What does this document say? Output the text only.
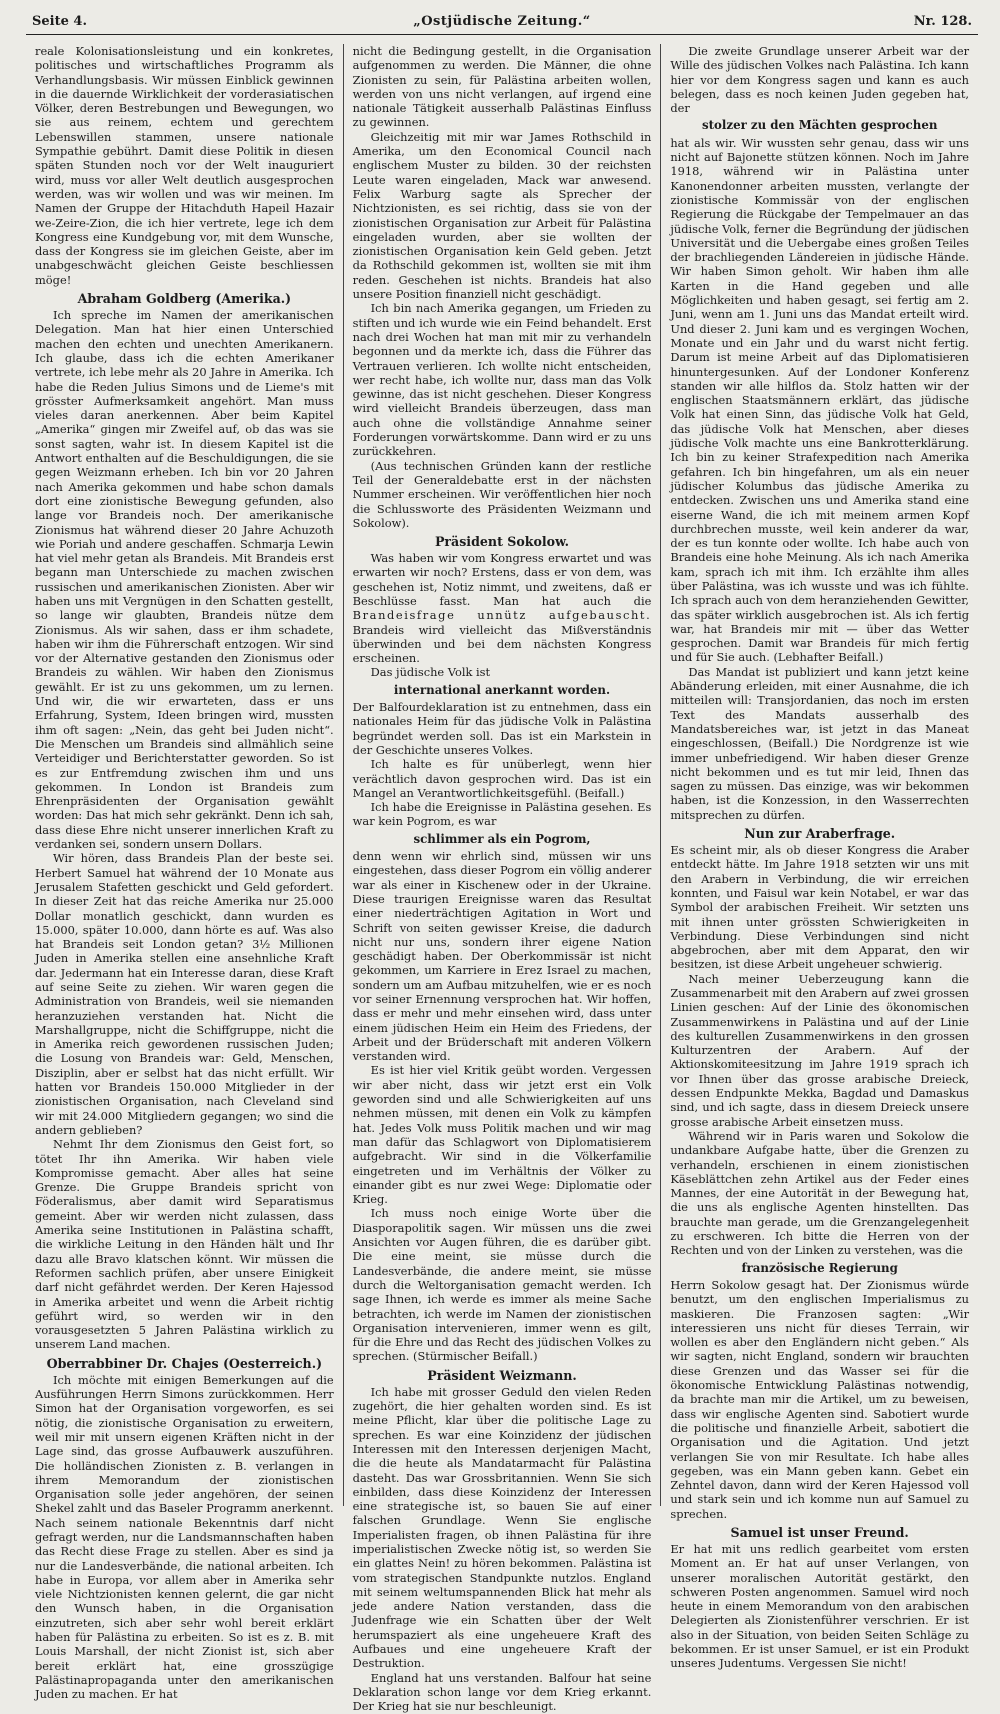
Seite 4.	„Ostjüdische Zeitung.“	Nr. 128.

reale Kolonisationsleistung und ein konkretes, politisches und wirtschaftliches Programm als Verhandlungsbasis. Wir müssen Einblick gewinnen in die dauernde Wirklichkeit der vorderasiatischen Völker, deren Bestrebungen und Bewegungen, wo sie aus reinem, echtem und gerechtem Lebenswillen stammen, unsere nationale Sympathie gebührt. Damit diese Politik in diesen späten Stunden noch vor der Welt inauguriert wird, muss vor aller Welt deutlich ausgesprochen werden, was wir wollen und was wir meinen. Im Namen der Gruppe der Hitachduth Hapeil Hazair we-Zeire-Zion, die ich hier vertrete, lege ich dem Kongress eine Kundgebung vor, mit dem Wunsche, dass der Kongress sie im gleichen Geiste, aber im unabgeschwächt gleichen Geiste beschliessen möge!

Abraham Goldberg (Amerika.)

Ich spreche im Namen der amerikanischen Delegation. Man hat hier einen Unterschied machen den echten und unechten Amerikanern. Ich glaube, dass ich die echten Amerikaner vertrete, ich lebe mehr als 20 Jahre in Amerika. Ich habe die Reden Julius Simons und de Lieme's mit grösster Aufmerksamkeit angehört. Man muss vieles daran anerkennen. Aber beim Kapitel „Amerika“ gingen mir Zweifel auf, ob das was sie sonst sagten, wahr ist. In diesem Kapitel ist die Antwort enthalten auf die Beschuldigungen, die sie gegen Weizmann erheben. Ich bin vor 20 Jahren nach Amerika gekommen und habe schon damals dort eine zionistische Bewegung gefunden, also lange vor Brandeis noch. Der amerikanische Zionismus hat während dieser 20 Jahre Achuzoth wie Poriah und andere geschaffen. Schmarja Lewin hat viel mehr getan als Brandeis. Mit Brandeis erst begann man Unterschiede zu machen zwischen russischen und amerikanischen Zionisten. Aber wir haben uns mit Vergnügen in den Schatten gestellt, so lange wir glaubten, Brandeis nütze dem Zionismus. Als wir sahen, dass er ihm schadete, haben wir ihm die Führerschaft entzogen. Wir sind vor der Alternative gestanden den Zionismus oder Brandeis zu wählen. Wir haben den Zionismus gewählt. Er ist zu uns gekommen, um zu lernen. Und wir, die wir erwarteten, dass er uns Erfahrung, System, Ideen bringen wird, mussten ihm oft sagen: „Nein, das geht bei Juden nicht“. Die Menschen um Brandeis sind allmählich seine Verteidiger und Berichterstatter geworden. So ist es zur Entfremdung zwischen ihm und uns gekommen. In London ist Brandeis zum Ehrenpräsidenten der Organisation gewählt worden: Das hat mich sehr gekränkt. Denn ich sah, dass diese Ehre nicht unserer innerlichen Kraft zu verdanken sei, sondern unsern Dollars.

Wir hören, dass Brandeis Plan der beste sei. Herbert Samuel hat während der 10 Monate aus Jerusalem Stafetten geschickt und Geld gefordert. In dieser Zeit hat das reiche Amerika nur 25.000 Dollar monatlich geschickt, dann wurden es 15.000, später 10.000, dann hörte es auf. Was also hat Brandeis seit London getan? 3½ Millionen Juden in Amerika stellen eine ansehnliche Kraft dar. Jedermann hat ein Interesse daran, diese Kraft auf seine Seite zu ziehen. Wir waren gegen die Administration von Brandeis, weil sie niemanden heranzuziehen verstanden hat. Nicht die Marshallgruppe, nicht die Schiffgruppe, nicht die in Amerika reich gewordenen russischen Juden; die Losung von Brandeis war: Geld, Menschen, Disziplin, aber er selbst hat das nicht erfüllt. Wir hatten vor Brandeis 150.000 Mitglieder in der zionistischen Organisation, nach Cleveland sind wir mit 24.000 Mitgliedern gegangen; wo sind die andern geblieben?

Nehmt Ihr dem Zionismus den Geist fort, so tötet Ihr ihn Amerika. Wir haben viele Kompromisse gemacht. Aber alles hat seine Grenze. Die Gruppe Brandeis spricht von Föderalismus, aber damit wird Separatismus gemeint. Aber wir werden nicht zulassen, dass Amerika seine Institutionen in Palästina schafft, die wirkliche Leitung in den Händen hält und Ihr dazu alle Bravo klatschen könnt. Wir müssen die Reformen sachlich prüfen, aber unsere Einigkeit darf nicht gefährdet werden. Der Keren Hajessod in Amerika arbeitet und wenn die Arbeit richtig geführt wird, so werden wir in den vorausgesetzten 5 Jahren Palästina wirklich zu unserem Land machen.

Oberrabbiner Dr. Chajes (Oesterreich.)

Ich möchte mit einigen Bemerkungen auf die Ausführungen Herrn Simons zurückkommen. Herr Simon hat der Organisation vorgeworfen, es sei nötig, die zionistische Organisation zu erweitern, weil mir mit unsern eigenen Kräften nicht in der Lage sind, das grosse Aufbauwerk auszuführen. Die holländischen Zionisten z. B. verlangen in ihrem Memorandum der zionistischen Organisation solle jeder angehören, der seinen Shekel zahlt und das Baseler Programm anerkennt. Nach seinem nationale Bekenntnis darf nicht gefragt werden, nur die Landsmannschaften haben das Recht diese Frage zu stellen. Aber es sind ja nur die Landesverbände, die national arbeiten. Ich habe in Europa, vor allem aber in Amerika sehr viele Nichtzionisten kennen gelernt, die gar nicht den Wunsch haben, in die Organisation einzutreten, sich aber sehr wohl bereit erklärt haben für Palästina zu erbeiten. So ist es z. B. mit Louis Marshall, der nicht Zionist ist, sich aber bereit erklärt hat, eine grosszügige Palästinapropaganda unter den amerikanischen Juden zu machen. Er hat

nicht die Bedingung gestellt, in die Organisation aufgenommen zu werden. Die Männer, die ohne Zionisten zu sein, für Palästina arbeiten wollen, werden von uns nicht verlangen, auf irgend eine nationale Tätigkeit ausserhalb Palästinas Einfluss zu gewinnen.

Gleichzeitig mit mir war James Rothschild in Amerika, um den Economical Council nach englischem Muster zu bilden. 30 der reichsten Leute waren eingeladen, Mack war anwesend. Felix Warburg sagte als Sprecher der Nichtzionisten, es sei richtig, dass sie von der zionistischen Organisation zur Arbeit für Palästina eingeladen wurden, aber sie wollten der zionistischen Organisation kein Geld geben. Jetzt da Rothschild gekommen ist, wollten sie mit ihm reden. Geschehen ist nichts. Brandeis hat also unsere Position finanziell nicht geschädigt.

Ich bin nach Amerika gegangen, um Frieden zu stiften und ich wurde wie ein Feind behandelt. Erst nach drei Wochen hat man mit mir zu verhandeln begonnen und da merkte ich, dass die Führer das Vertrauen verlieren. Ich wollte nicht entscheiden, wer recht habe, ich wollte nur, dass man das Volk gewinne, das ist nicht geschehen. Dieser Kongress wird vielleicht Brandeis überzeugen, dass man auch ohne die vollständige Annahme seiner Forderungen vorwärtskomme. Dann wird er zu uns zurückkehren.

(Aus technischen Gründen kann der restliche Teil der Generaldebatte erst in der nächsten Nummer erscheinen. Wir veröffentlichen hier noch die Schlussworte des Präsidenten Weizmann und Sokolow).

Präsident Sokolow.

Was haben wir vom Kongress erwartet und was erwarten wir noch? Erstens, dass er von dem, was geschehen ist, Notiz nimmt, und zweitens, daß er Beschlüsse fasst. Man hat auch die Brandeisfrage unnütz aufgebauscht. Brandeis wird vielleicht das Mißverständnis überwinden und bei dem nächsten Kongress erscheinen.

Das jüdische Volk ist

international anerkannt worden.

Der Balfourdeklaration ist zu entnehmen, dass ein nationales Heim für das jüdische Volk in Palästina begründet werden soll. Das ist ein Markstein in der Geschichte unseres Volkes.

Ich halte es für unüberlegt, wenn hier verächtlich davon gesprochen wird. Das ist ein Mangel an Verantwortlichkeitsgefühl. (Beifall.)

Ich habe die Ereignisse in Palästina gesehen. Es war kein Pogrom, es war

schlimmer als ein Pogrom,

denn wenn wir ehrlich sind, müssen wir uns eingestehen, dass dieser Pogrom ein völlig anderer war als einer in Kischenew oder in der Ukraine. Diese traurigen Ereignisse waren das Resultat einer niederträchtigen Agitation in Wort und Schrift von seiten gewisser Kreise, die dadurch nicht nur uns, sondern ihrer eigene Nation geschädigt haben. Der Oberkommissär ist nicht gekommen, um Karriere in Erez Israel zu machen, sondern um am Aufbau mitzuhelfen, wie er es noch vor seiner Ernennung versprochen hat. Wir hoffen, dass er mehr und mehr einsehen wird, dass unter einem jüdischen Heim ein Heim des Friedens, der Arbeit und der Brüderschaft mit anderen Völkern verstanden wird.

Es ist hier viel Kritik geübt worden. Vergessen wir aber nicht, dass wir jetzt erst ein Volk geworden sind und alle Schwierigkeiten auf uns nehmen müssen, mit denen ein Volk zu kämpfen hat. Jedes Volk muss Politik machen und wir mag man dafür das Schlagwort von Diplomatisierem aufgebracht. Wir sind in die Völkerfamilie eingetreten und im Verhältnis der Völker zu einander gibt es nur zwei Wege: Diplomatie oder Krieg.

Ich muss noch einige Worte über die Diasporapolitik sagen. Wir müssen uns die zwei Ansichten vor Augen führen, die es darüber gibt. Die eine meint, sie müsse durch die Landesverbände, die andere meint, sie müsse durch die Weltorganisation gemacht werden. Ich sage Ihnen, ich werde es immer als meine Sache betrachten, ich werde im Namen der zionistischen Organisation intervenieren, immer wenn es gilt, für die Ehre und das Recht des jüdischen Volkes zu sprechen. (Stürmischer Beifall.)

Präsident Weizmann.

Ich habe mit grosser Geduld den vielen Reden zugehört, die hier gehalten worden sind. Es ist meine Pflicht, klar über die politische Lage zu sprechen. Es war eine Koinzidenz der jüdischen Interessen mit den Interessen derjenigen Macht, die die heute als Mandatarmacht für Palästina dasteht. Das war Grossbritannien. Wenn Sie sich einbilden, dass diese Koinzidenz der Interessen eine strategische ist, so bauen Sie auf einer falschen Grundlage. Wenn Sie englische Imperialisten fragen, ob ihnen Palästina für ihre imperialistischen Zwecke nötig ist, so werden Sie ein glattes Nein! zu hören bekommen. Palästina ist vom strategischen Standpunkte nutzlos. England mit seinem weltumspannenden Blick hat mehr als jede andere Nation verstanden, dass die Judenfrage wie ein Schatten über der Welt herumspaziert als eine ungeheuere Kraft des Aufbaues und eine ungeheuere Kraft der Destruktion.

England hat uns verstanden. Balfour hat seine Deklaration schon lange vor dem Krieg erkannt. Der Krieg hat sie nur beschleunigt.

Die zweite Grundlage unserer Arbeit war der Wille des jüdischen Volkes nach Palästina. Ich kann hier vor dem Kongress sagen und kann es auch belegen, dass es noch keinen Juden gegeben hat, der

stolzer zu den Mächten gesprochen

hat als wir. Wir wussten sehr genau, dass wir uns nicht auf Bajonette stützen können. Noch im Jahre 1918, während wir in Palästina unter Kanonendonner arbeiten mussten, verlangte der zionistische Kommissär von der englischen Regierung die Rückgabe der Tempelmauer an das jüdische Volk, ferner die Begründung der jüdischen Universität und die Uebergabe eines großen Teiles der brachliegenden Ländereien in jüdische Hände. Wir haben Simon geholt. Wir haben ihm alle Karten in die Hand gegeben und alle Möglichkeiten und haben gesagt, sei fertig am 2. Juni, wenn am 1. Juni uns das Mandat erteilt wird. Und dieser 2. Juni kam und es vergingen Wochen, Monate und ein Jahr und du warst nicht fertig. Darum ist meine Arbeit auf das Diplomatisieren hinuntergesunken. Auf der Londoner Konferenz standen wir alle hilflos da. Stolz hatten wir der englischen Staatsmännern erklärt, das jüdische Volk hat einen Sinn, das jüdische Volk hat Geld, das jüdische Volk hat Menschen, aber dieses jüdische Volk machte uns eine Bankrotterklärung. Ich bin zu keiner Strafexpedition nach Amerika gefahren. Ich bin hingefahren, um als ein neuer jüdischer Kolumbus das jüdische Amerika zu entdecken. Zwischen uns und Amerika stand eine eiserne Wand, die ich mit meinem armen Kopf durchbrechen musste, weil kein anderer da war, der es tun konnte oder wollte. Ich habe auch von Brandeis eine hohe Meinung. Als ich nach Amerika kam, sprach ich mit ihm. Ich erzählte ihm alles über Palästina, was ich wusste und was ich fühlte. Ich sprach auch von dem heranziehenden Gewitter, das später wirklich ausgebrochen ist. Als ich fertig war, hat Brandeis mir mit — über das Wetter gesprochen. Damit war Brandeis für mich fertig und für Sie auch. (Lebhafter Beifall.)

Das Mandat ist publiziert und kann jetzt keine Abänderung erleiden, mit einer Ausnahme, die ich mitteilen will: Transjordanien, das noch im ersten Text des Mandats ausserhalb des Mandatsbereiches war, ist jetzt in das Maneat eingeschlossen, (Beifall.) Die Nordgrenze ist wie immer unbefriedigend. Wir haben dieser Grenze nicht bekommen und es tut mir leid, Ihnen das sagen zu müssen. Das einzige, was wir bekommen haben, ist die Konzession, in den Wasserrechten mitsprechen zu dürfen.

Nun zur Araberfrage.

Es scheint mir, als ob dieser Kongress die Araber entdeckt hätte. Im Jahre 1918 setzten wir uns mit den Arabern in Verbindung, die wir erreichen konnten, und Faisul war kein Notabel, er war das Symbol der arabischen Freiheit. Wir setzten uns mit ihnen unter grössten Schwierigkeiten in Verbindung. Diese Verbindungen sind nicht abgebrochen, aber mit dem Apparat, den wir besitzen, ist diese Arbeit ungeheuer schwierig.

Nach meiner Ueberzeugung kann die Zusammenarbeit mit den Arabern auf zwei grossen Linien geschen: Auf der Linie des ökonomischen Zusammenwirkens in Palästina und auf der Linie des kulturellen Zusammenwirkens in den grossen Kulturzentren der Arabern. Auf der Aktionskomiteesitzung im Jahre 1919 sprach ich vor Ihnen über das grosse arabische Dreieck, dessen Endpunkte Mekka, Bagdad und Damaskus sind, und ich sagte, dass in diesem Dreieck unsere grosse arabische Arbeit einsetzen muss.

Während wir in Paris waren und Sokolow die undankbare Aufgabe hatte, über die Grenzen zu verhandeln, erschienen in einem zionistischen Käseblättchen zehn Artikel aus der Feder eines Mannes, der eine Autorität in der Bewegung hat, die uns als englische Agenten hinstellten. Das brauchte man gerade, um die Grenzangelegenheit zu erschweren. Ich bitte die Herren von der Rechten und von der Linken zu verstehen, was die

französische Regierung

Herrn Sokolow gesagt hat. Der Zionismus würde benutzt, um den englischen Imperialismus zu maskieren. Die Franzosen sagten: „Wir interessieren uns nicht für dieses Terrain, wir wollen es aber den Engländern nicht geben.“ Als wir sagten, nicht England, sondern wir brauchten diese Grenzen und das Wasser sei für die ökonomische Entwicklung Palästinas notwendig, da brachte man mir die Artikel, um zu beweisen, dass wir englische Agenten sind. Sabotiert wurde die politische und finanzielle Arbeit, sabotiert die Organisation und die Agitation. Und jetzt verlangen Sie von mir Resultate. Ich habe alles gegeben, was ein Mann geben kann. Gebet ein Zehntel davon, dann wird der Keren Hajessod voll und stark sein und ich komme nun auf Samuel zu sprechen.

Samuel ist unser Freund.

Er hat mit uns redlich gearbeitet vom ersten Moment an. Er hat auf unser Verlangen, von unserer moralischen Autorität gestärkt, den schweren Posten angenommen. Samuel wird noch heute in einem Memorandum von den arabischen Delegierten als Zionistenführer verschrien. Er ist also in der Situation, von beiden Seiten Schläge zu bekommen. Er ist unser Samuel, er ist ein Produkt unseres Judentums. Vergessen Sie nicht!
